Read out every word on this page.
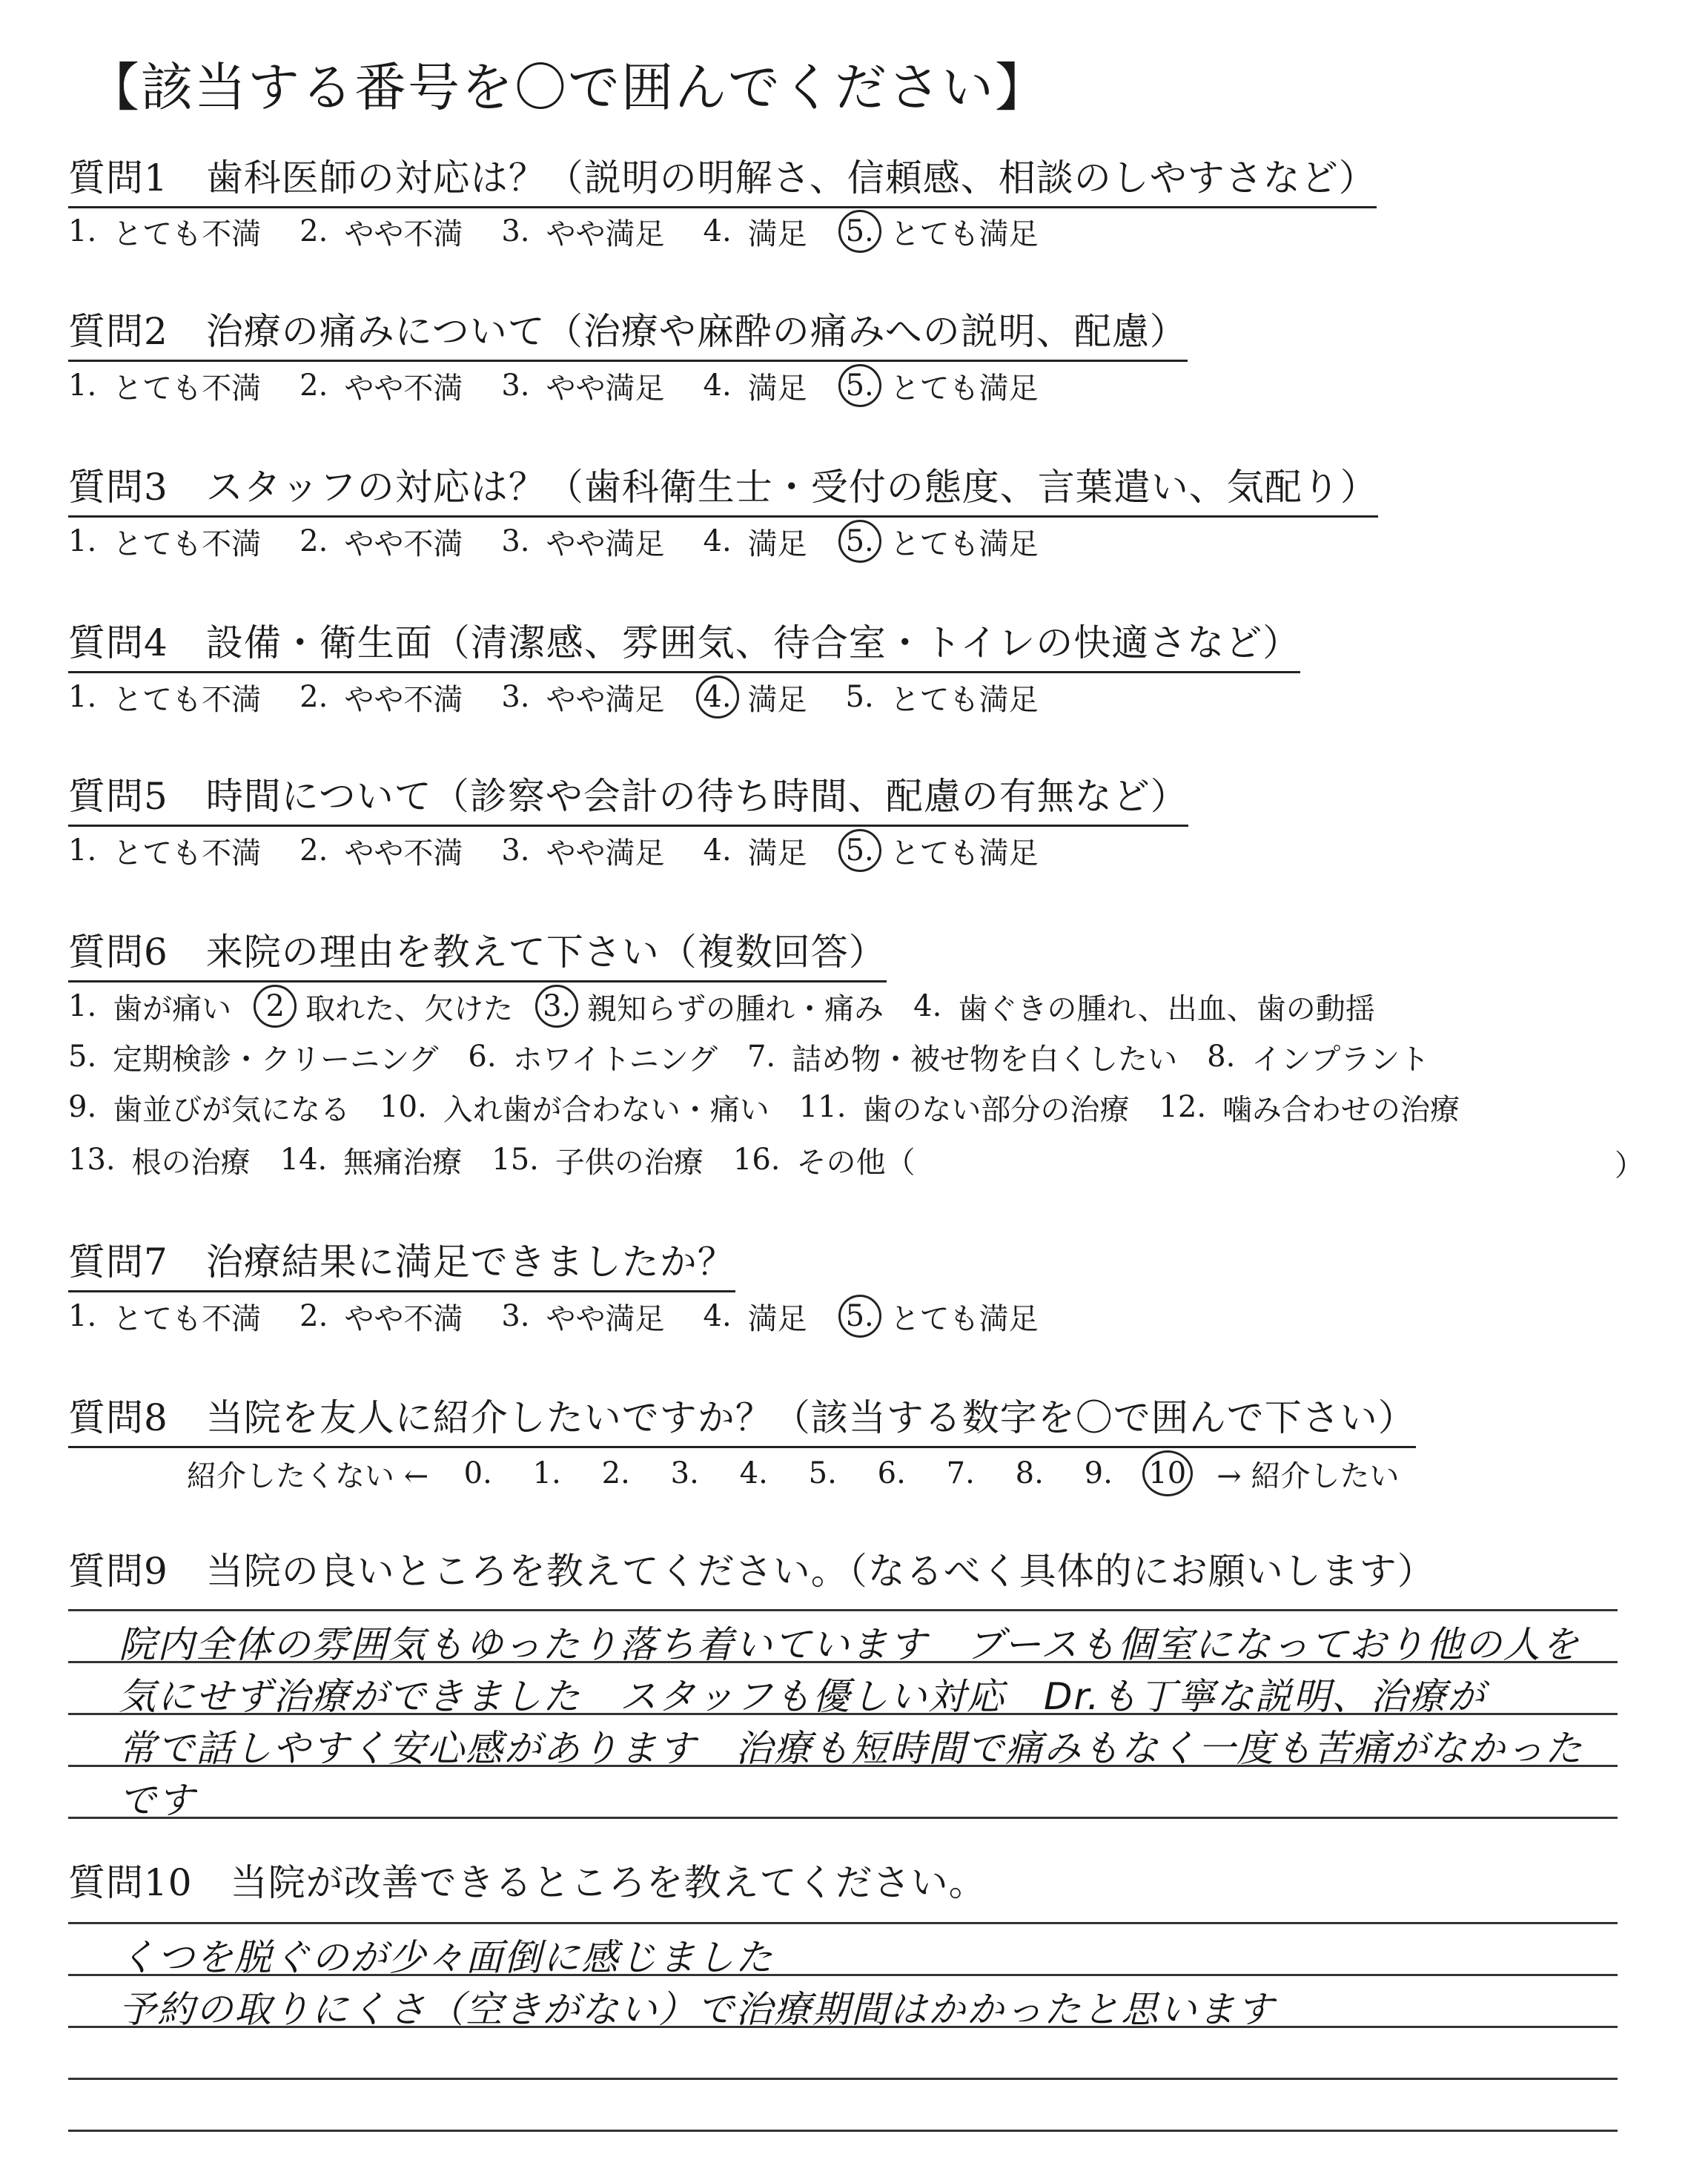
【該当する番号を〇で囲んでください】
質問1　歯科医師の対応は？（説明の明解さ、信頼感、相談のしやすさなど）
1. とても不満 2. やや不満 3. やや満足 4. 満足 5. とても満足
質問2　治療の痛みについて（治療や麻酔の痛みへの説明、配慮）
1. とても不満 2. やや不満 3. やや満足 4. 満足 5. とても満足
質問3　スタッフの対応は？（歯科衛生士・受付の態度、言葉遣い、気配り）
1. とても不満 2. やや不満 3. やや満足 4. 満足 5. とても満足
質問4　設備・衛生面（清潔感、雰囲気、待合室・トイレの快適さなど）
1. とても不満 2. やや不満 3. やや満足 4. 満足 5. とても満足
質問5　時間について（診察や会計の待ち時間、配慮の有無など）
1. とても不満 2. やや不満 3. やや満足 4. 満足 5. とても満足
質問6　来院の理由を教えて下さい（複数回答）
1. 歯が痛い	2 取れた、欠けた 3. 親知らずの腫れ・痛み 4. 歯ぐきの腫れ、出血、歯の動揺
5. 定期検診・クリーニング 6. ホワイトニング 7. 詰め物・被せ物を白くしたい 8. インプラント
9. 歯並びが気になる 10. 入れ歯が合わない・痛い 11. 歯のない部分の治療 12. 噛み合わせの治療
13. 根の治療 14. 無痛治療 15. 子供の治療 16. その他（	）
質問7　治療結果に満足できましたか？
1. とても不満 2. やや不満 3. やや満足 4. 満足 5. とても満足
質問8　当院を友人に紹介したいですか？（該当する数字を〇で囲んで下さい）
紹介したくない ←	0. 1. 2. 3. 4. 5. 6. 7. 8. 9. 10	→ 紹介したい
質問9　当院の良いところを教えてください。（なるべく具体的にお願いします）
院内全体の雰囲気もゆったり落ち着いています　ブースも個室になっており他の人を
気にせず治療ができました　スタッフも優しい対応　Dr.も丁寧な説明、治療が
常で話しやすく安心感があります　治療も短時間で痛みもなく一度も苦痛がなかった
です
質問10　当院が改善できるところを教えてください。
くつを脱ぐのが少々面倒に感じました
予約の取りにくさ（空きがない）で治療期間はかかったと思います
